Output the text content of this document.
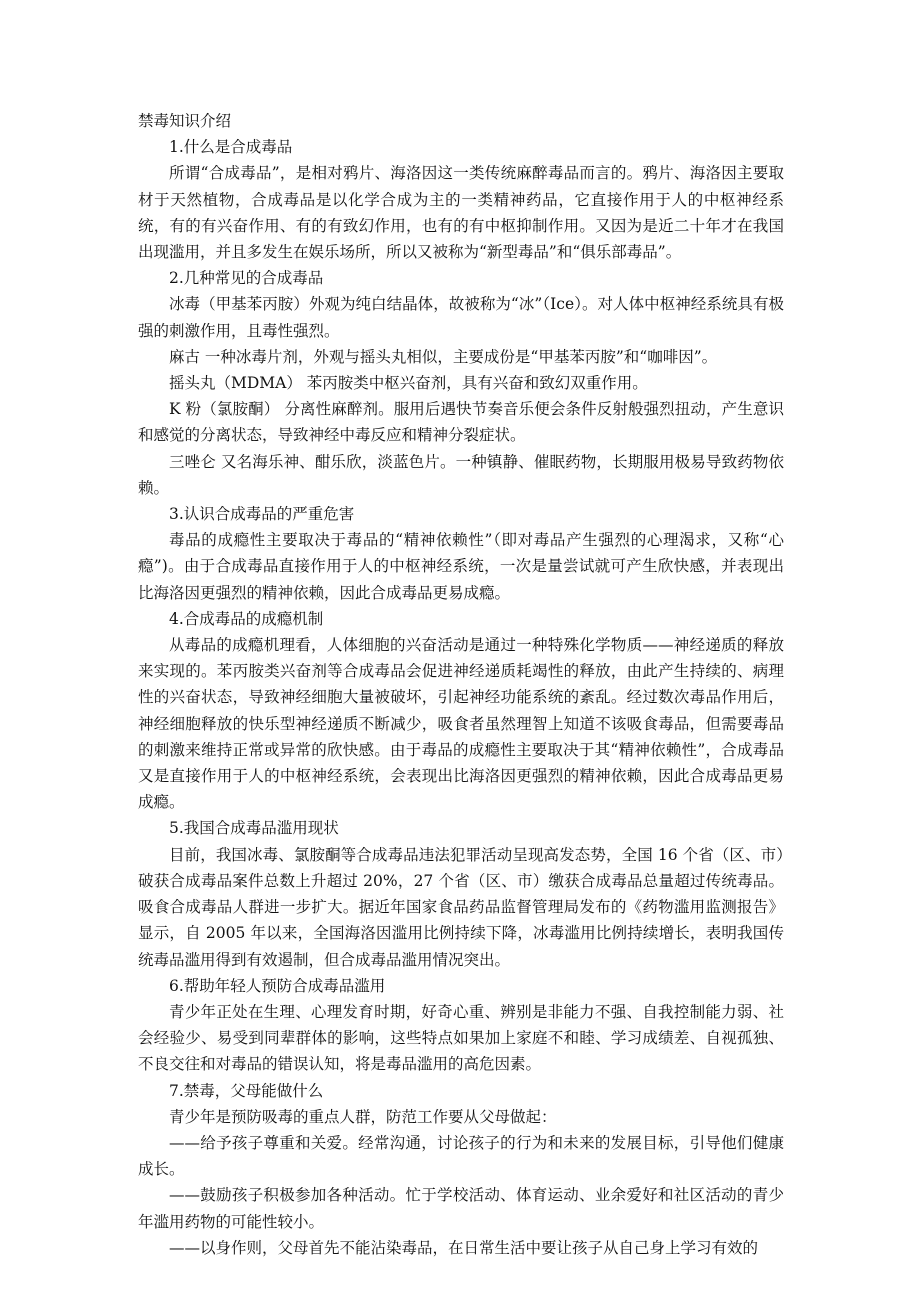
禁毒知识介绍

1.什么是合成毒品

所谓“合成毒品”，是相对鸦片、海洛因这一类传统麻醉毒品而言的。鸦片、海洛因主要取材于天然植物，合成毒品是以化学合成为主的一类精神药品，它直接作用于人的中枢神经系统，有的有兴奋作用、有的有致幻作用，也有的有中枢抑制作用。又因为是近二十年才在我国出现滥用，并且多发生在娱乐场所，所以又被称为“新型毒品”和“俱乐部毒品”。

2.几种常见的合成毒品

冰毒（甲基苯丙胺）外观为纯白结晶体，故被称为“冰”（Ice）。对人体中枢神经系统具有极强的刺激作用，且毒性强烈。

麻古 一种冰毒片剂，外观与摇头丸相似，主要成份是“甲基苯丙胺”和“咖啡因”。

摇头丸（MDMA） 苯丙胺类中枢兴奋剂，具有兴奋和致幻双重作用。

K 粉（氯胺酮） 分离性麻醉剂。服用后遇快节奏音乐便会条件反射般强烈扭动，产生意识和感觉的分离状态，导致神经中毒反应和精神分裂症状。

三唑仑 又名海乐神、酣乐欣，淡蓝色片。一种镇静、催眠药物，长期服用极易导致药物依赖。

3.认识合成毒品的严重危害

毒品的成瘾性主要取决于毒品的“精神依赖性”（即对毒品产生强烈的心理渴求，又称“心瘾”)。由于合成毒品直接作用于人的中枢神经系统，一次是量尝试就可产生欣快感，并表现出比海洛因更强烈的精神依赖，因此合成毒品更易成瘾。

4.合成毒品的成瘾机制

从毒品的成瘾机理看，人体细胞的兴奋活动是通过一种特殊化学物质——神经递质的释放来实现的。苯丙胺类兴奋剂等合成毒品会促进神经递质耗竭性的释放，由此产生持续的、病理性的兴奋状态，导致神经细胞大量被破坏，引起神经功能系统的紊乱。经过数次毒品作用后，神经细胞释放的快乐型神经递质不断减少，吸食者虽然理智上知道不该吸食毒品，但需要毒品的刺激来维持正常或异常的欣快感。由于毒品的成瘾性主要取决于其“精神依赖性”，合成毒品又是直接作用于人的中枢神经系统，会表现出比海洛因更强烈的精神依赖，因此合成毒品更易成瘾。

5.我国合成毒品滥用现状

目前，我国冰毒、氯胺酮等合成毒品违法犯罪活动呈现高发态势，全国 16 个省（区、市）破获合成毒品案件总数上升超过 20%，27 个省（区、市）缴获合成毒品总量超过传统毒品。吸食合成毒品人群进一步扩大。据近年国家食品药品监督管理局发布的《药物滥用监测报告》显示，自 2005 年以来，全国海洛因滥用比例持续下降，冰毒滥用比例持续增长，表明我国传统毒品滥用得到有效遏制，但合成毒品滥用情况突出。

6.帮助年轻人预防合成毒品滥用

青少年正处在生理、心理发育时期，好奇心重、辨别是非能力不强、自我控制能力弱、社会经验少、易受到同辈群体的影响，这些特点如果加上家庭不和睦、学习成绩差、自视孤独、不良交往和对毒品的错误认知，将是毒品滥用的高危因素。

7.禁毒，父母能做什么

青少年是预防吸毒的重点人群，防范工作要从父母做起：

——给予孩子尊重和关爱。经常沟通，讨论孩子的行为和未来的发展目标，引导他们健康成长。

——鼓励孩子积极参加各种活动。忙于学校活动、体育运动、业余爱好和社区活动的青少年滥用药物的可能性较小。

——以身作则，父母首先不能沾染毒品，在日常生活中要让孩子从自己身上学习有效的
